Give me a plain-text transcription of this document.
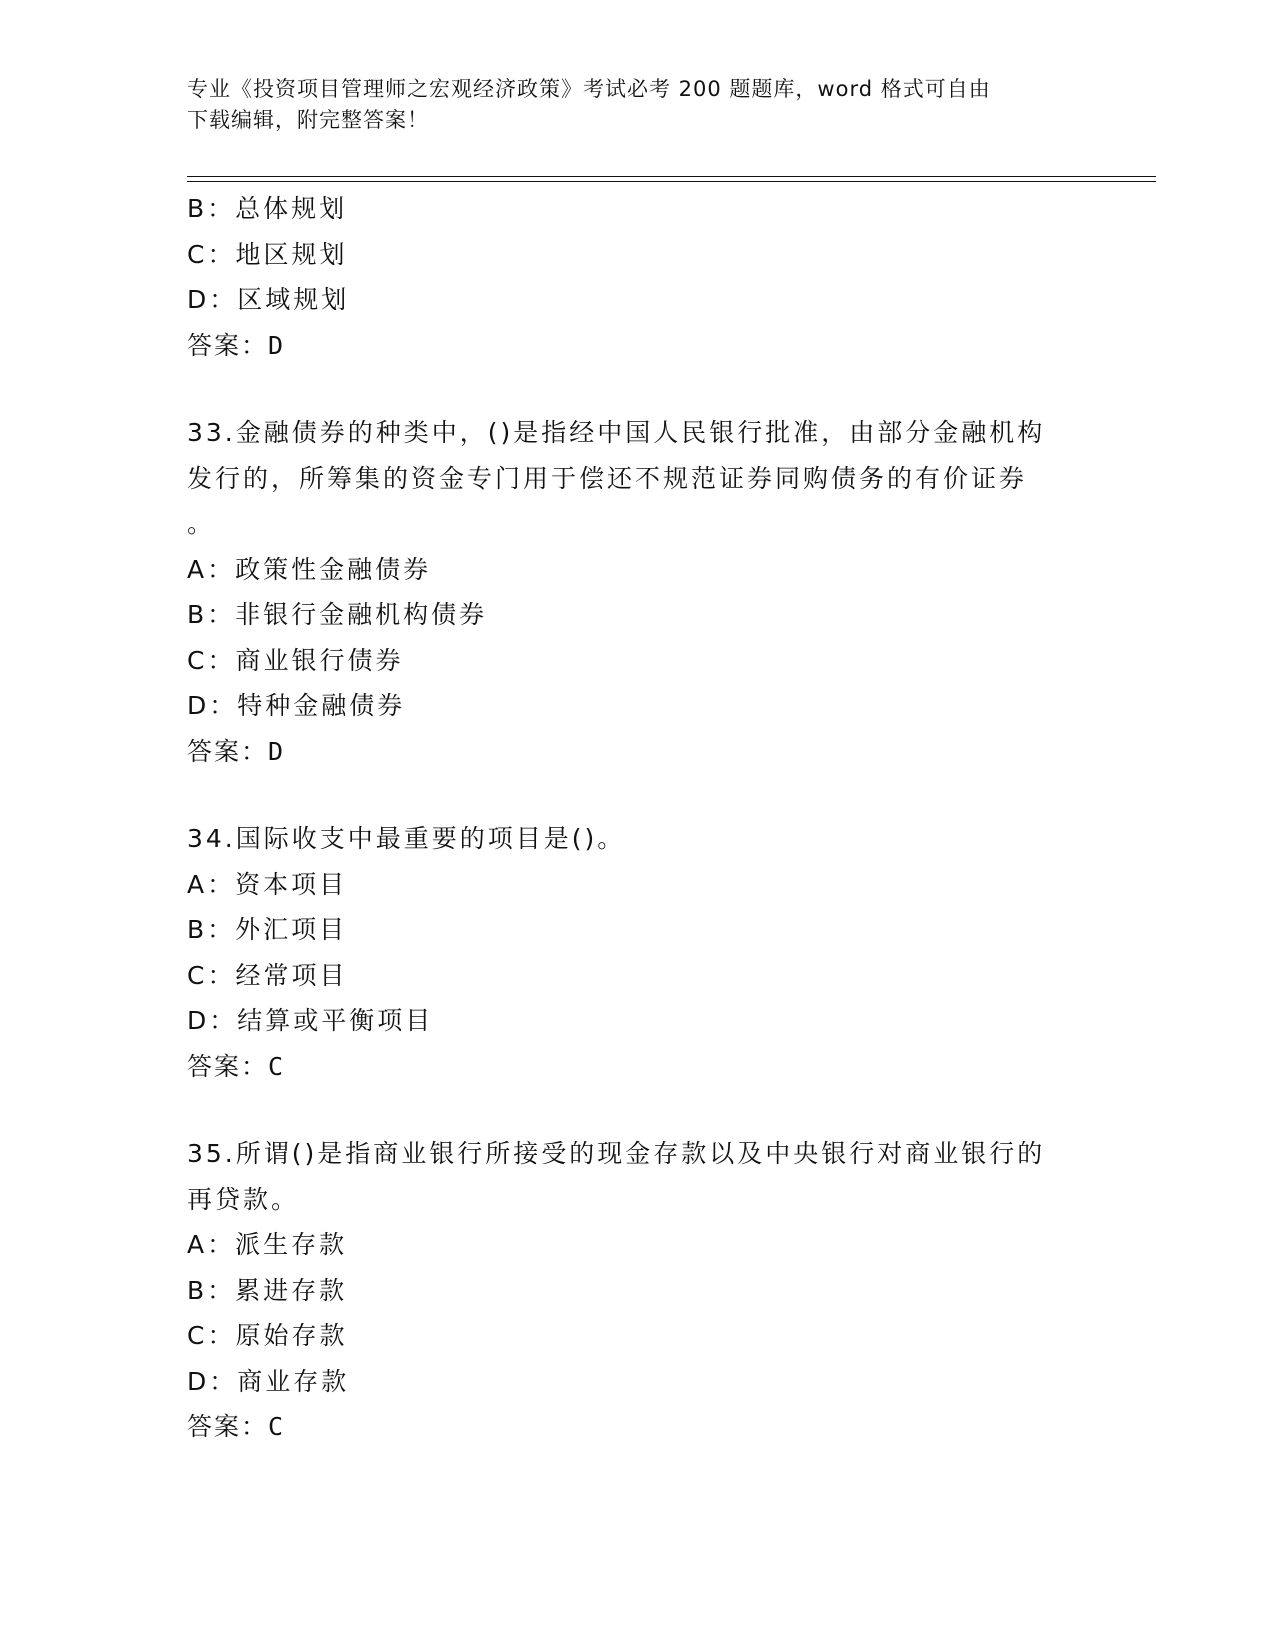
专业《投资项目管理师之宏观经济政策》考试必考 200 题题库，word 格式可自由
下载编辑，附完整答案！
B：总体规划
C：地区规划
D：区域规划
答案：D
33.金融债券的种类中，()是指经中国人民银行批准，由部分金融机构
发行的，所筹集的资金专门用于偿还不规范证券同购债务的有价证券
。
A：政策性金融债券
B：非银行金融机构债券
C：商业银行债券
D：特种金融债券
答案：D
34.国际收支中最重要的项目是()。
A：资本项目
B：外汇项目
C：经常项目
D：结算或平衡项目
答案：C
35.所谓()是指商业银行所接受的现金存款以及中央银行对商业银行的
再贷款。
A：派生存款
B：累进存款
C：原始存款
D：商业存款
答案：C
